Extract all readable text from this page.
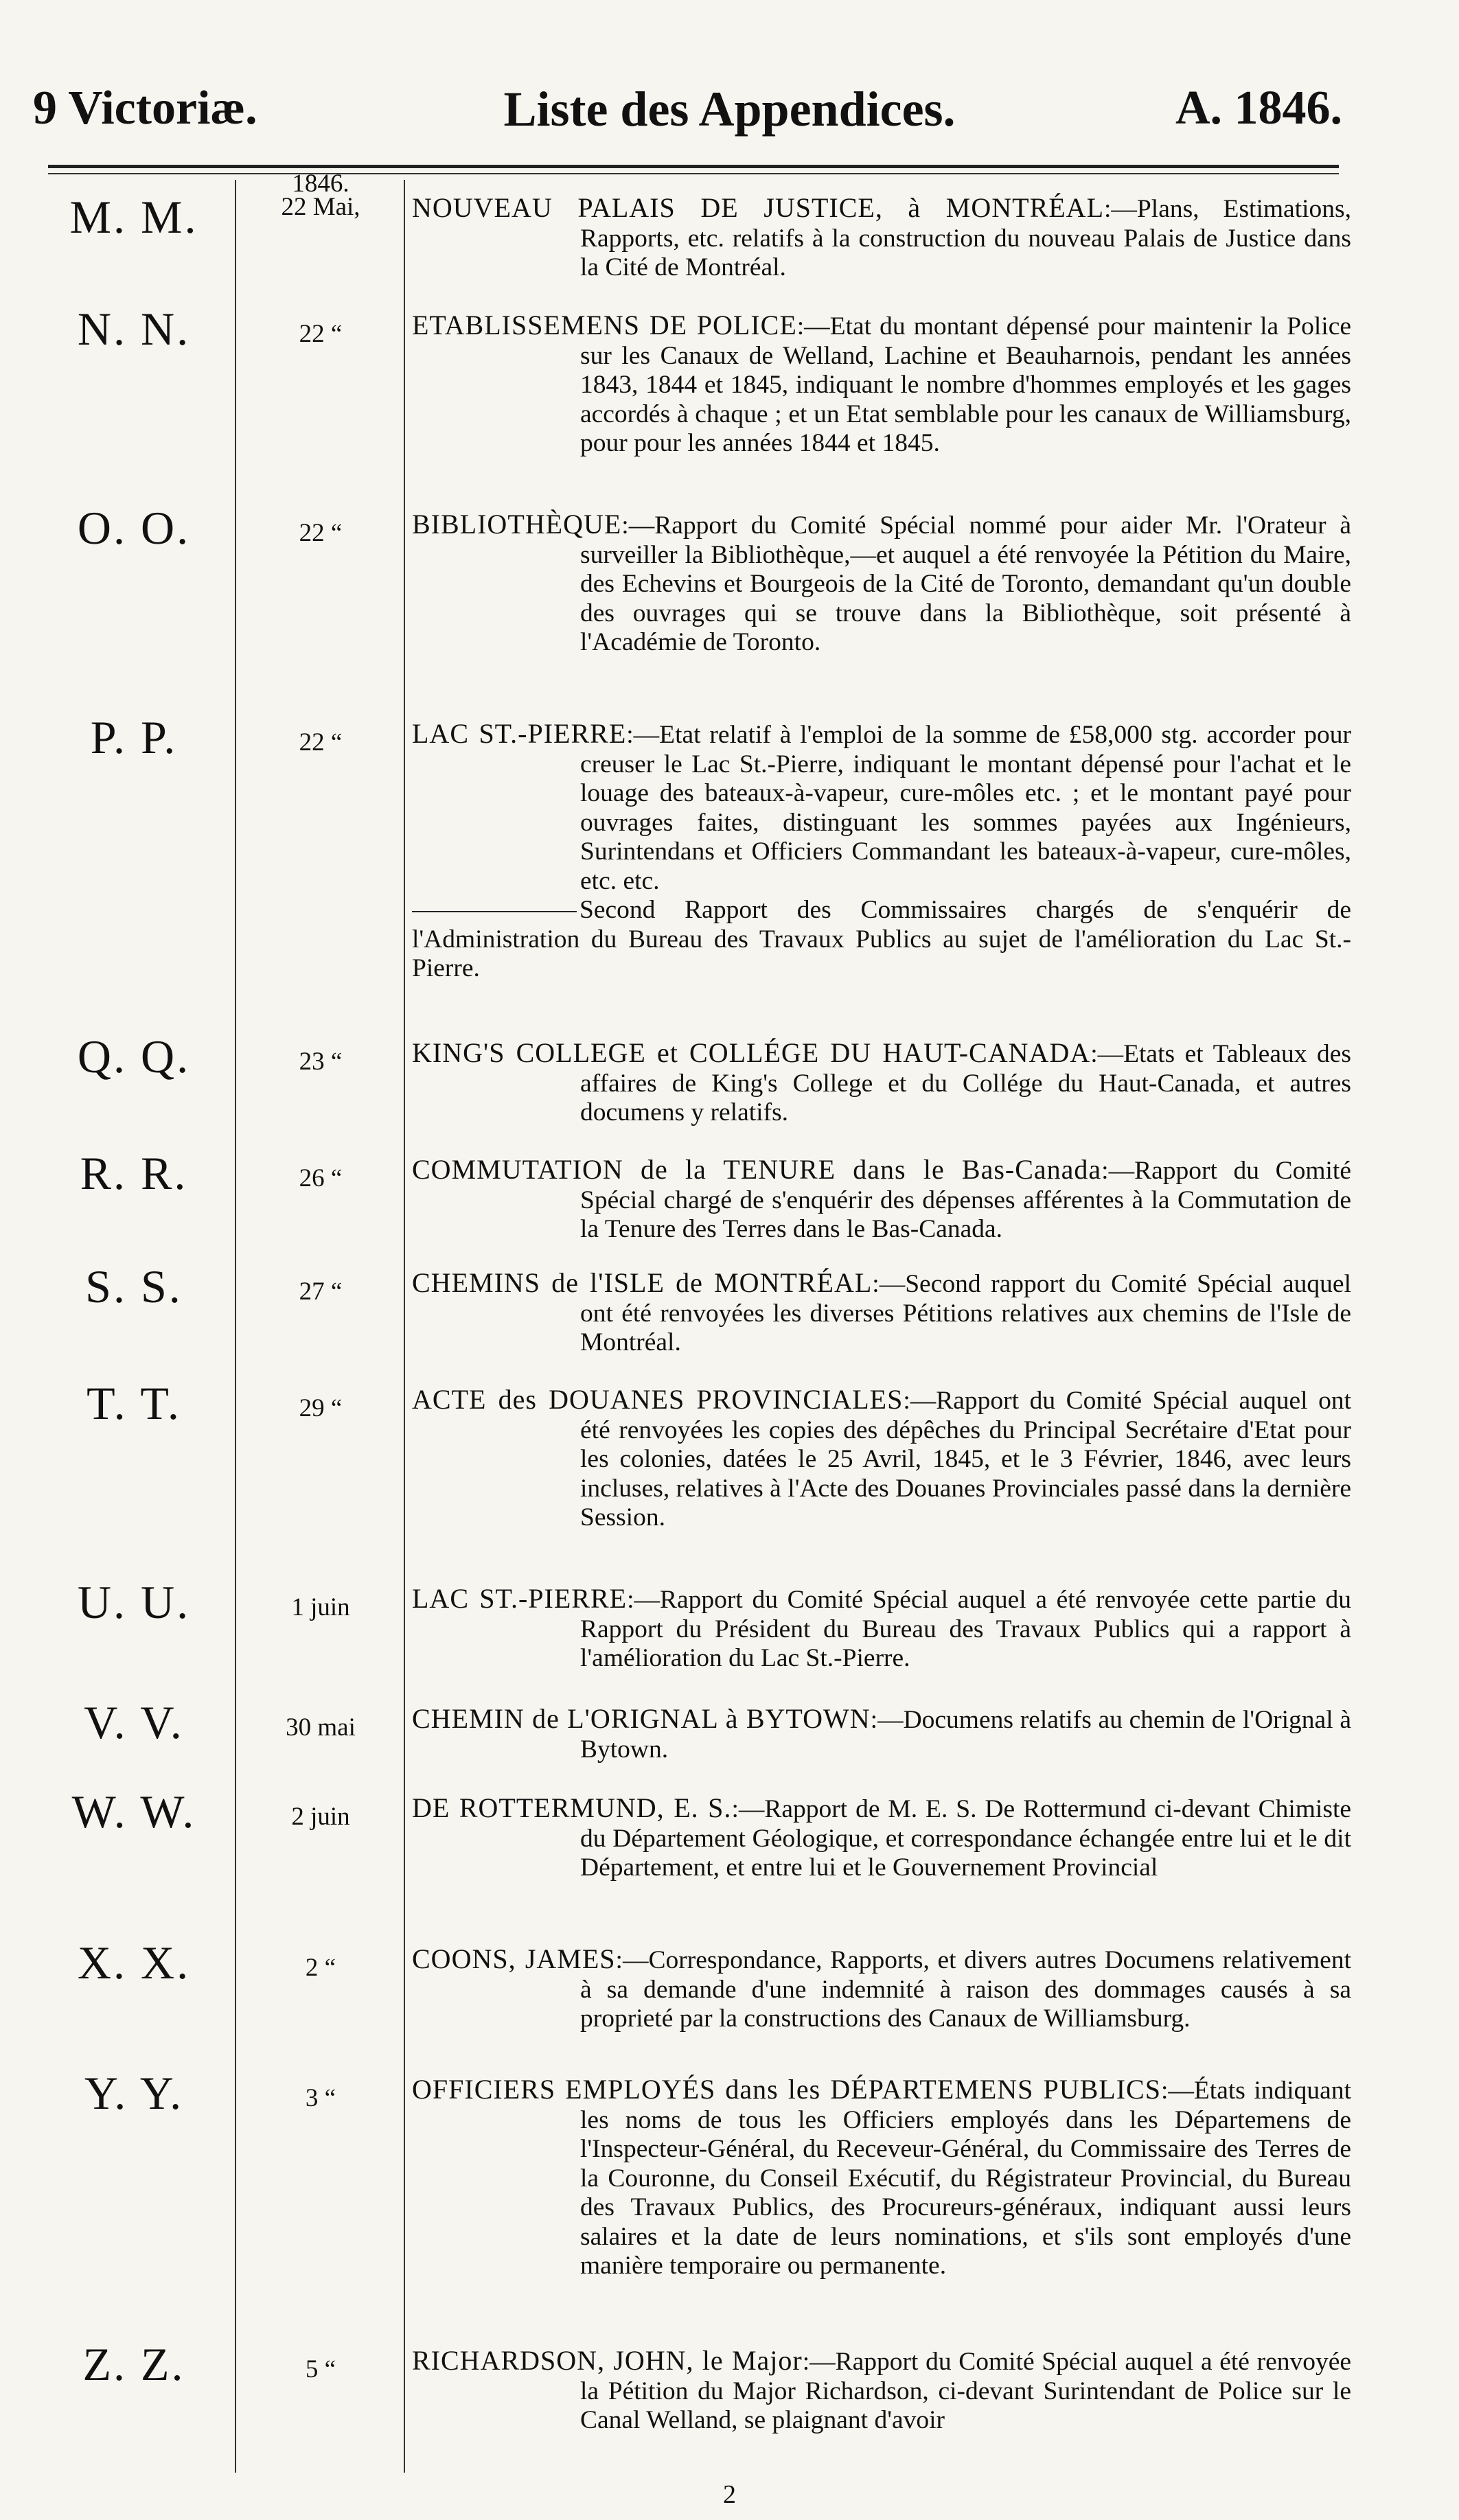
9 Victoriæ.	Liste des Appendices.	A. 1846.
1846.
M. M.	22 Mai,	NOUVEAU PALAIS DE JUSTICE, à MONTRÉAL:—Plans, Estimations, Rapports, etc. relatifs à la construction du nouveau Palais de Justice dans la Cité de Montréal.

N. N.	22 “	ETABLISSEMENS DE POLICE:—Etat du montant dépensé pour maintenir la Police sur les Canaux de Welland, Lachine et Beauharnois, pendant les années 1843, 1844 et 1845, indiquant le nombre d'hommes employés et les gages accordés à chaque ; et un Etat semblable pour les canaux de Williamsburg, pour pour les années 1844 et 1845.

O. O.	22 “	BIBLIOTHÈQUE:—Rapport du Comité Spécial nommé pour aider Mr. l'Orateur à surveiller la Bibliothèque,—et auquel a été renvoyée la Pétition du Maire, des Echevins et Bourgeois de la Cité de Toronto, demandant qu'un double des ouvrages qui se trouve dans la Bibliothèque, soit présenté à l'Académie de Toronto.

P. P.	22 “	LAC ST.-PIERRE:—Etat relatif à l'emploi de la somme de £58,000 stg. accorder pour creuser le Lac St.-Pierre, indiquant le montant dépensé pour l'achat et le louage des bateaux-à-vapeur, cure-môles etc. ; et le montant payé pour ouvrages faites, distinguant les sommes payées aux Ingénieurs, Surintendans et Officiers Commandant les bateaux-à-vapeur, cure-môles, etc. etc.

Second Rapport des Commissaires chargés de s'enquérir de l'Administration du Bureau des Travaux Publics au sujet de l'amélioration du Lac St.-Pierre.

Q. Q.	23 “	KING'S COLLEGE et COLLÉGE DU HAUT-CANADA:—Etats et Tableaux des affaires de King's College et du Collége du Haut-Canada, et autres documens y relatifs.

R. R.	26 “	COMMUTATION de la TENURE dans le Bas-Canada:—Rapport du Comité Spécial chargé de s'enquérir des dépenses afférentes à la Commutation de la Tenure des Terres dans le Bas-Canada.

S. S.	27 “	CHEMINS de l'ISLE de MONTRÉAL:—Second rapport du Comité Spécial auquel ont été renvoyées les diverses Pétitions relatives aux chemins de l'Isle de Montréal.

T. T.	29 “	ACTE des DOUANES PROVINCIALES:—Rapport du Comité Spécial auquel ont été renvoyées les copies des dépêches du Principal Secrétaire d'Etat pour les colonies, datées le 25 Avril, 1845, et le 3 Février, 1846, avec leurs incluses, relatives à l'Acte des Douanes Provinciales passé dans la dernière Session.

U. U.	1 juin	LAC ST.-PIERRE:—Rapport du Comité Spécial auquel a été renvoyée cette partie du Rapport du Président du Bureau des Travaux Publics qui a rapport à l'amélioration du Lac St.-Pierre.

V. V.	30 mai	CHEMIN de L'ORIGNAL à BYTOWN:—Documens relatifs au chemin de l'Orignal à Bytown.

W. W.	2 juin	DE ROTTERMUND, E. S.:—Rapport de M. E. S. De Rottermund ci-devant Chimiste du Département Géologique, et correspondance échangée entre lui et le dit Département, et entre lui et le Gouvernement Provincial

X. X.	2 “	COONS, JAMES:—Correspondance, Rapports, et divers autres Documens relativement à sa demande d'une indemnité à raison des dommages causés à sa proprieté par la constructions des Canaux de Williamsburg.

Y. Y.	3 “	OFFICIERS EMPLOYÉS dans les DÉPARTEMENS PUBLICS:—États indiquant les noms de tous les Officiers employés dans les Départemens de l'Inspecteur-Général, du Receveur-Général, du Commissaire des Terres de la Couronne, du Conseil Exécutif, du Régistrateur Provincial, du Bureau des Travaux Publics, des Procureurs-généraux, indiquant aussi leurs salaires et la date de leurs nominations, et s'ils sont employés d'une manière temporaire ou permanente.

Z. Z.	5 “	RICHARDSON, JOHN, le Major:—Rapport du Comité Spécial auquel a été renvoyée la Pétition du Major Richardson, ci-devant Surintendant de Police sur le Canal Welland, se plaignant d'avoir

2
